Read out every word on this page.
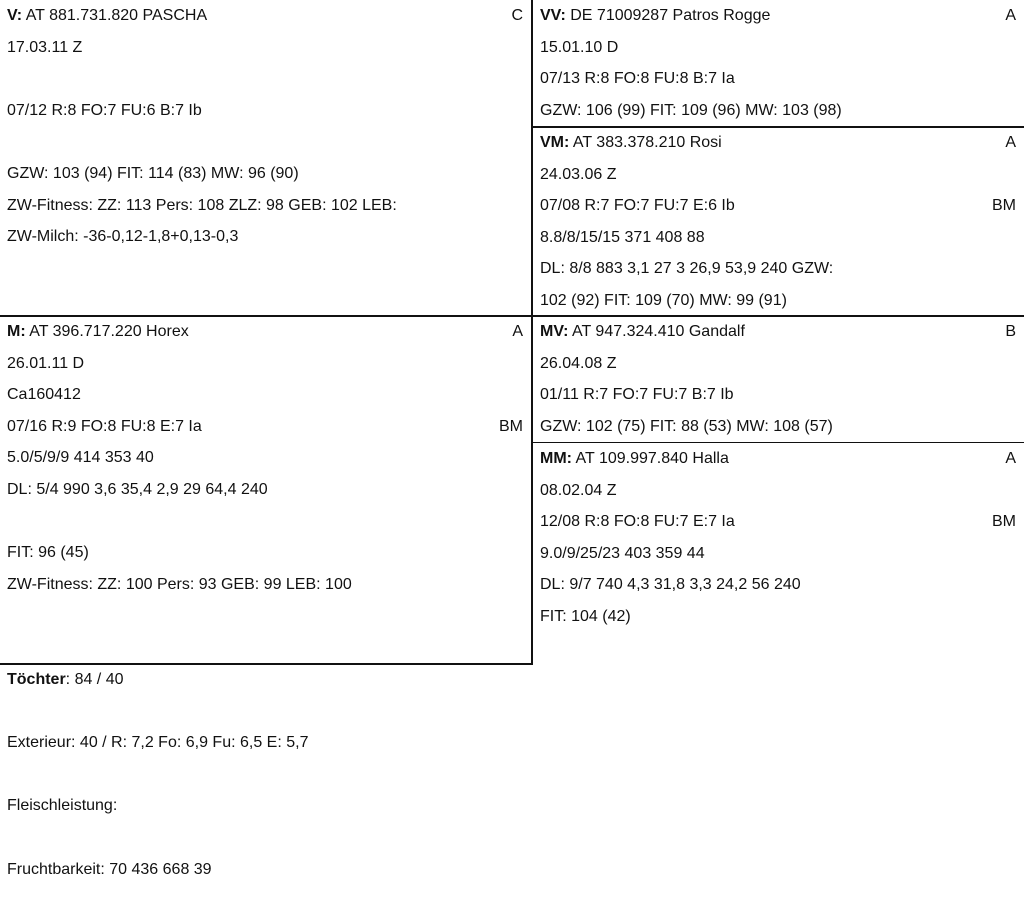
V: AT 881.731.820 PASCHA	C
17.03.11 Z
07/12 R:8 FO:7 FU:6 B:7 Ib
GZW: 103 (94) FIT: 114 (83) MW: 96 (90)
ZW-Fitness: ZZ: 113 Pers: 108 ZLZ: 98 GEB: 102 LEB:
ZW-Milch: -36-0,12-1,8+0,13-0,3
VV: DE 71009287 Patros Rogge	A
15.01.10 D
07/13 R:8 FO:8 FU:8 B:7 Ia
GZW: 106 (99) FIT: 109 (96) MW: 103 (98)
VM: AT 383.378.210 Rosi	A
24.03.06 Z
07/08 R:7 FO:7 FU:7 E:6 Ib	BM
8.8/8/15/15 371 408 88
DL: 8/8 883 3,1 27 3 26,9 53,9 240 GZW:
102 (92) FIT: 109 (70) MW: 99 (91)
M: AT 396.717.220 Horex	A
26.01.11 D
Ca160412
07/16 R:9 FO:8 FU:8 E:7 Ia	BM
5.0/5/9/9 414 353 40
DL: 5/4 990 3,6 35,4 2,9 29 64,4 240
FIT: 96 (45)
ZW-Fitness: ZZ: 100 Pers: 93 GEB: 99 LEB: 100
MV: AT 947.324.410 Gandalf	B
26.04.08 Z
01/11 R:7 FO:7 FU:7 B:7 Ib
GZW: 102 (75) FIT: 88 (53) MW: 108 (57)
MM: AT 109.997.840 Halla	A
08.02.04 Z
12/08 R:8 FO:8 FU:7 E:7 Ia	BM
9.0/9/25/23 403 359 44
DL: 9/7 740 4,3 31,8 3,3 24,2 56 240
FIT: 104 (42)
Töchter: 84 / 40
Exterieur: 40 / R: 7,2 Fo: 6,9 Fu: 6,5 E: 5,7
Fleischleistung:
Fruchtbarkeit: 70 436 668 39
